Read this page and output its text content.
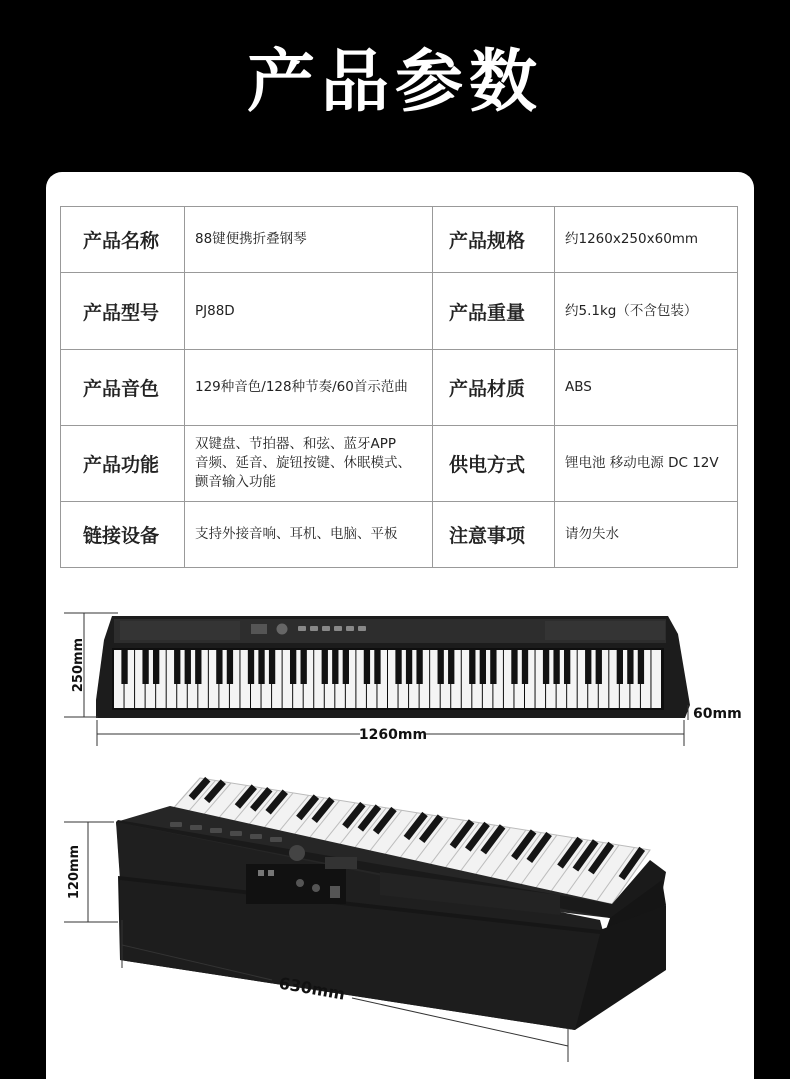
产品参数
产品名称	88键便携折叠钢琴	产品规格	约1260x250x60mm
产品型号	PJ88D	产品重量	约5.1kg（不含包装）
产品音色	129种音色/128种节奏/60首示范曲	产品材质	ABS
产品功能	双键盘、节拍器、和弦、蓝牙APP
音频、延音、旋钮按键、休眠模式、
颤音输入功能	供电方式	锂电池 移动电源 DC 12V
链接设备	支持外接音响、耳机、电脑、平板	注意事项	请勿失水
250mm
60mm
1260mm
120mm
630mm
